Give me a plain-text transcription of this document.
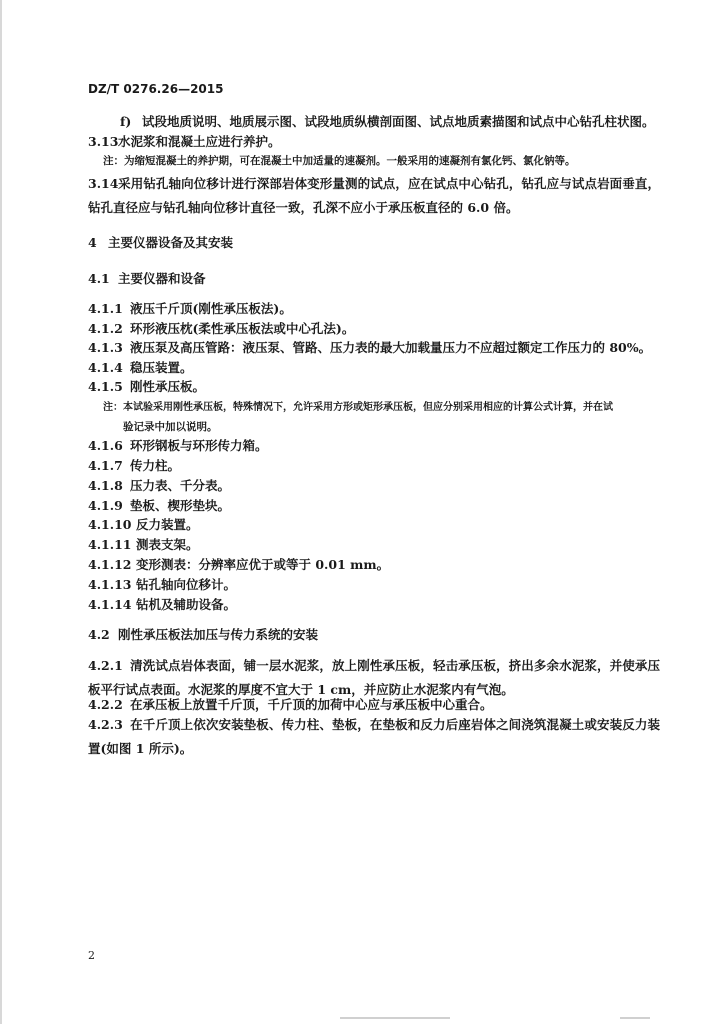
DZ/T 0276.26—2015
f) 试段地质说明、地质展示图、试段地质纵横剖面图、试点地质素描图和试点中心钻孔柱状图。
3.13水泥浆和混凝土应进行养护。
注：为缩短混凝土的养护期，可在混凝土中加适量的速凝剂。一般采用的速凝剂有氯化钙、氯化钠等。
3.14采用钻孔轴向位移计进行深部岩体变形量测的试点，应在试点中心钻孔，钻孔应与试点岩面垂直，钻孔直径应与钻孔轴向位移计直径一致，孔深不应小于承压板直径的 6.0 倍。
4 主要仪器设备及其安装
4.1 主要仪器和设备
4.1.1 液压千斤顶(刚性承压板法)。
4.1.2 环形液压枕(柔性承压板法或中心孔法)。
4.1.3 液压泵及高压管路：液压泵、管路、压力表的最大加载量压力不应超过额定工作压力的 80%。
4.1.4 稳压装置。
4.1.5 刚性承压板。
注：本试验采用刚性承压板，特殊情况下，允许采用方形或矩形承压板，但应分别采用相应的计算公式计算，并在试
验记录中加以说明。
4.1.6 环形钢板与环形传力箱。
4.1.7 传力柱。
4.1.8 压力表、千分表。
4.1.9 垫板、楔形垫块。
4.1.10 反力装置。
4.1.11 测表支架。
4.1.12 变形测表：分辨率应优于或等于 0.01 mm。
4.1.13 钻孔轴向位移计。
4.1.14 钻机及辅助设备。
4.2 刚性承压板法加压与传力系统的安装
4.2.1 清洗试点岩体表面，铺一层水泥浆，放上刚性承压板，轻击承压板，挤出多余水泥浆，并使承压板平行试点表面。水泥浆的厚度不宜大于 1 cm，并应防止水泥浆内有气泡。
4.2.2 在承压板上放置千斤顶，千斤顶的加荷中心应与承压板中心重合。
4.2.3 在千斤顶上依次安装垫板、传力柱、垫板，在垫板和反力后座岩体之间浇筑混凝土或安装反力装置(如图 1 所示)。
2
